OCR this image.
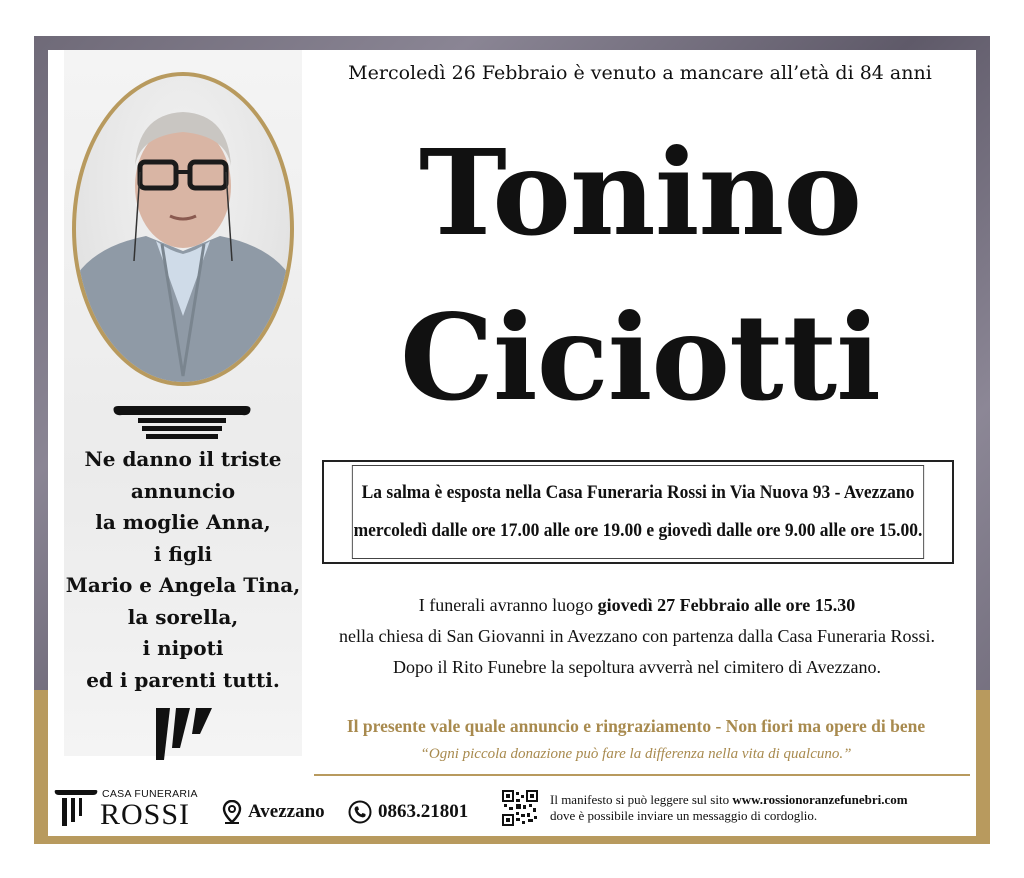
Ne danno il triste
annuncio
la moglie Anna,
i figli
Mario e Angela Tina,
la sorella,
i nipoti
ed i parenti tutti.
Mercoledì 26 Febbraio è venuto a mancare all’età di 84 anni
Tonino
Ciciotti
La salma è esposta nella Casa Funeraria Rossi in Via Nuova 93 - Avezzano
mercoledì dalle ore 17.00 alle ore 19.00 e giovedì dalle ore 9.00 alle ore 15.00.
I funerali avranno luogo giovedì 27 Febbraio alle ore 15.30
nella chiesa di San Giovanni in Avezzano con partenza dalla Casa Funeraria Rossi.
Dopo il Rito Funebre la sepoltura avverrà nel cimitero di Avezzano.
Il presente vale quale annuncio e ringraziamento - Non fiori ma opere di bene
“Ogni piccola donazione può fare la differenza nella vita di qualcuno.”
CASA FUNERARIA
ROSSI	Avezzano	0863.21801
Il manifesto si può leggere sul sito www.rossionoranzefunebri.com
dove è possibile inviare un messaggio di cordoglio.
